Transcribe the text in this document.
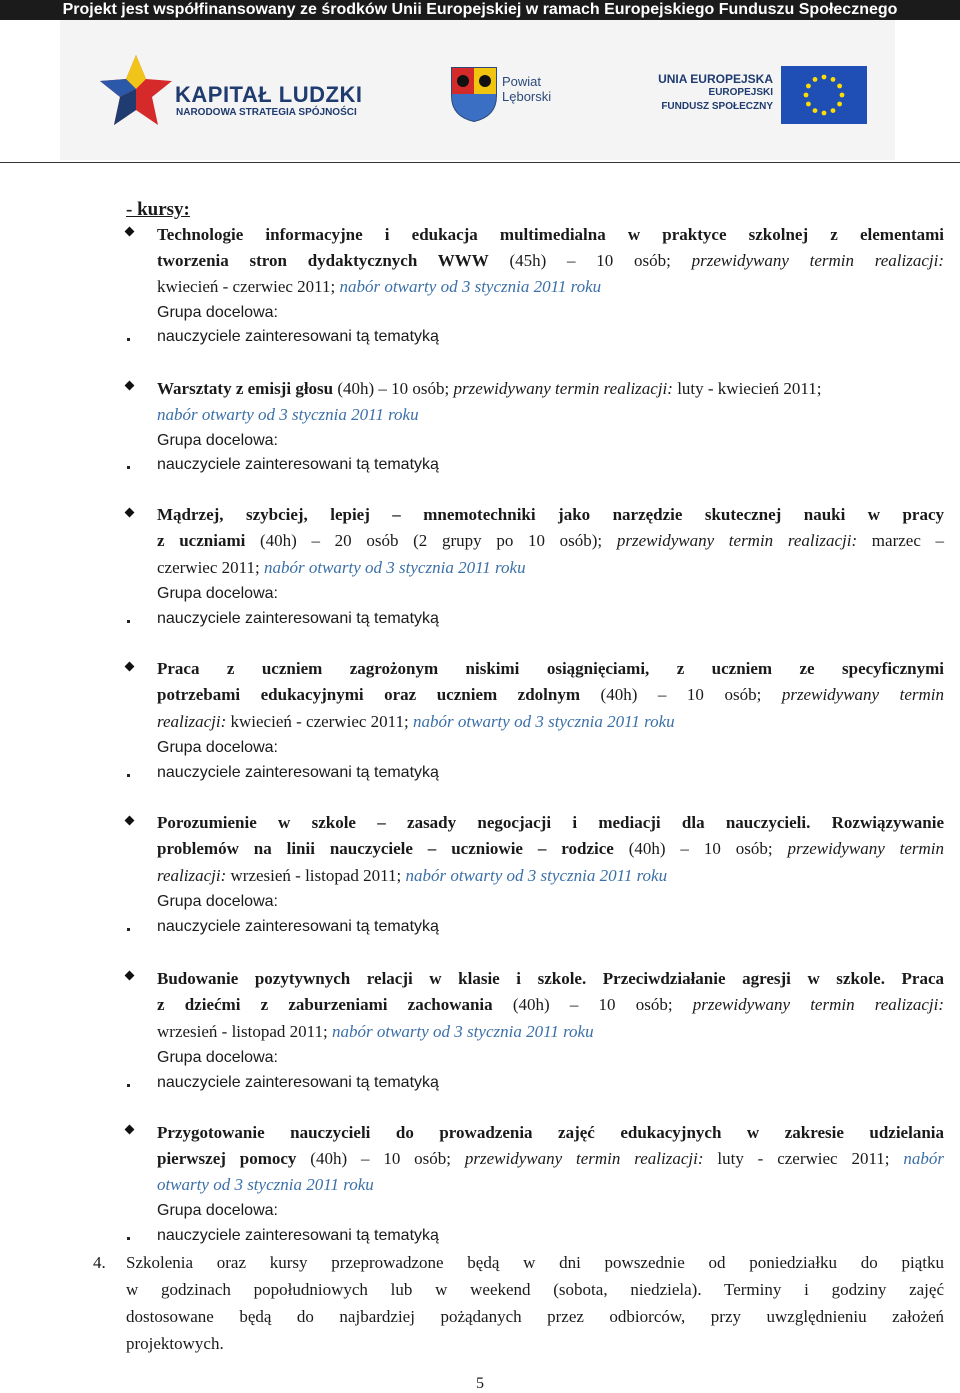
Projekt jest współfinansowany ze środków Unii Europejskiej w ramach Europejskiego Funduszu Społecznego
KAPITAŁ LUDZKI
NARODOWA STRATEGIA SPÓJNOŚCI
Powiat
Lęborski
UNIA EUROPEJSKA
EUROPEJSKI
FUNDUSZ SPOŁECZNY
- kursy:
Technologie informacyjne i edukacja multimedialna w praktyce szkolnej z elementami
tworzenia stron dydaktycznych WWW (45h) – 10 osób; przewidywany termin realizacji:
kwiecień - czerwiec 2011; nabór otwarty od 3 stycznia 2011 roku
Grupa docelowa:
nauczyciele zainteresowani tą tematyką
Warsztaty z emisji głosu (40h) – 10 osób; przewidywany termin realizacji: luty - kwiecień 2011;
nabór otwarty od 3 stycznia 2011 roku
Grupa docelowa:
nauczyciele zainteresowani tą tematyką
Mądrzej, szybciej, lepiej – mnemotechniki jako narzędzie skutecznej nauki w pracy
z uczniami (40h) – 20 osób (2 grupy po 10 osób); przewidywany termin realizacji: marzec –
czerwiec 2011; nabór otwarty od 3 stycznia 2011 roku
Grupa docelowa:
nauczyciele zainteresowani tą tematyką
Praca z uczniem zagrożonym niskimi osiągnięciami, z uczniem ze specyficznymi
potrzebami edukacyjnymi oraz uczniem zdolnym (40h) – 10 osób; przewidywany termin
realizacji: kwiecień - czerwiec 2011; nabór otwarty od 3 stycznia 2011 roku
Grupa docelowa:
nauczyciele zainteresowani tą tematyką
Porozumienie w szkole – zasady negocjacji i mediacji dla nauczycieli. Rozwiązywanie
problemów na linii nauczyciele – uczniowie – rodzice (40h) – 10 osób; przewidywany termin
realizacji: wrzesień - listopad 2011; nabór otwarty od 3 stycznia 2011 roku
Grupa docelowa:
nauczyciele zainteresowani tą tematyką
Budowanie pozytywnych relacji w klasie i szkole. Przeciwdziałanie agresji w szkole. Praca
z dziećmi z zaburzeniami zachowania (40h) – 10 osób; przewidywany termin realizacji:
wrzesień - listopad 2011; nabór otwarty od 3 stycznia 2011 roku
Grupa docelowa:
nauczyciele zainteresowani tą tematyką
Przygotowanie nauczycieli do prowadzenia zajęć edukacyjnych w zakresie udzielania
pierwszej pomocy (40h) – 10 osób; przewidywany termin realizacji: luty - czerwiec 2011; nabór
otwarty od 3 stycznia 2011 roku
Grupa docelowa:
nauczyciele zainteresowani tą tematyką
4. Szkolenia oraz kursy przeprowadzone będą w dni powszednie od poniedziałku do piątku
w godzinach popołudniowych lub w weekend (sobota, niedziela). Terminy i godziny zajęć
dostosowane będą do najbardziej pożądanych przez odbiorców, przy uwzględnieniu założeń
projektowych.
5
